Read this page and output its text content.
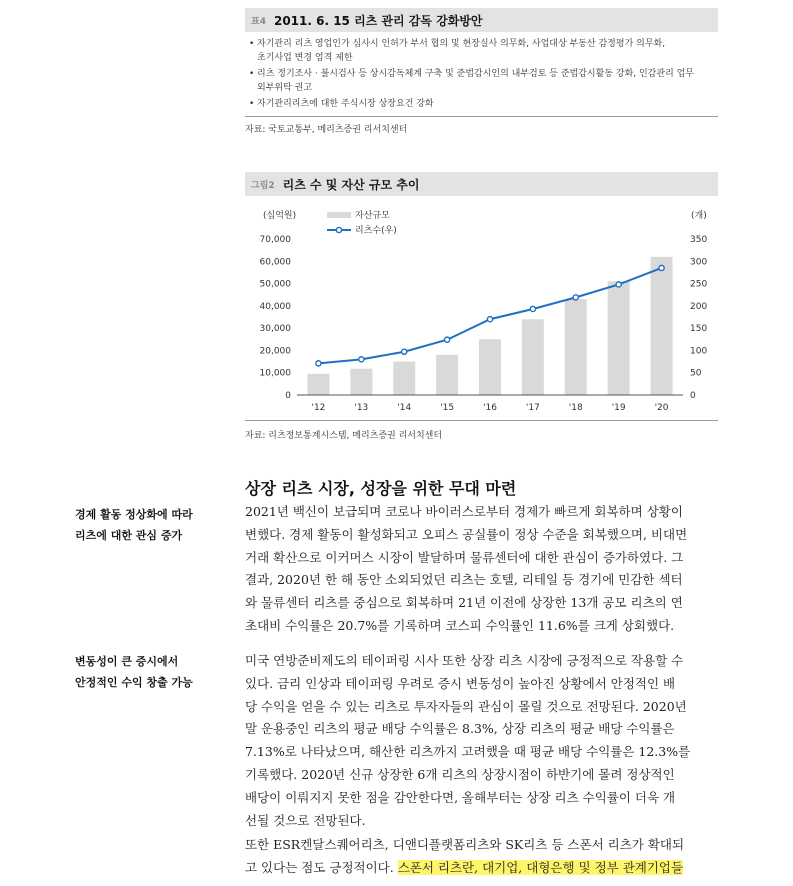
표4 2011. 6. 15 리츠 관리 감독 강화방안
• 자기관리 리츠 영업인가 심사시 인허가 부서 협의 및 현장실사 의무화, 사업대상 부동산 감정평가 의무화,
초기사업 변경 엄격 제한
• 리츠 정기조사 · 불시검사 등 상시감독체계 구축 및 준법감시인의 내부검토 등 준법감시활동 강화, 인감관리 업무
외부위탁 권고
• 자기관리리츠에 대한 주식시장 상장요건 강화
자료: 국토교통부, 메리츠증권 리서치센터
그림2 리츠 수 및 자산 규모 추이
(십억원)	(개)
70,000
60,000
50,000
40,000
30,000
20,000
10,000
0
350
300
250
200
150
100
50
0
'12	'13	'14	'15	'16	'17	'18	'19	'20
자산규모
리츠수(우)
자료: 리츠정보통계시스템, 메리츠증권 리서치센터
상장 리츠 시장, 성장을 위한 무대 마련
경제 활동 정상화에 따라
리츠에 대한 관심 증가
변동성이 큰 증시에서
안정적인 수익 창출 가능
2021년 백신이 보급되며 코로나 바이러스로부터 경제가 빠르게 회복하며 상황이
변했다. 경제 활동이 활성화되고 오피스 공실률이 정상 수준을 회복했으며, 비대면
거래 확산으로 이커머스 시장이 발달하며 물류센터에 대한 관심이 증가하였다. 그
결과, 2020년 한 해 동안 소외되었던 리츠는 호텔, 리테일 등 경기에 민감한 섹터
와 물류센터 리츠를 중심으로 회복하며 21년 이전에 상장한 13개 공모 리츠의 연
초대비 수익률은 20.7%를 기록하며 코스피 수익률인 11.6%를 크게 상회했다.
미국 연방준비제도의 테이퍼링 시사 또한 상장 리츠 시장에 긍정적으로 작용할 수
있다. 금리 인상과 테이퍼링 우려로 증시 변동성이 높아진 상황에서 안정적인 배
당 수익을 얻을 수 있는 리츠로 투자자들의 관심이 몰릴 것으로 전망된다. 2020년
말 운용중인 리츠의 평균 배당 수익률은 8.3%, 상장 리츠의 평균 배당 수익률은
7.13%로 나타났으며, 해산한 리츠까지 고려했을 때 평균 배당 수익률은 12.3%를
기록했다. 2020년 신규 상장한 6개 리츠의 상장시점이 하반기에 몰려 정상적인
배당이 이뤄지지 못한 점을 감안한다면, 올해부터는 상장 리츠 수익률이 더욱 개
선될 것으로 전망된다.
또한 ESR켄달스퀘어리츠, 디앤디플랫폼리츠와 SK리츠 등 스폰서 리츠가 확대되
고 있다는 점도 긍정적이다. 스폰서 리츠란, 대기업, 대형은행 및 정부 관계기업들
